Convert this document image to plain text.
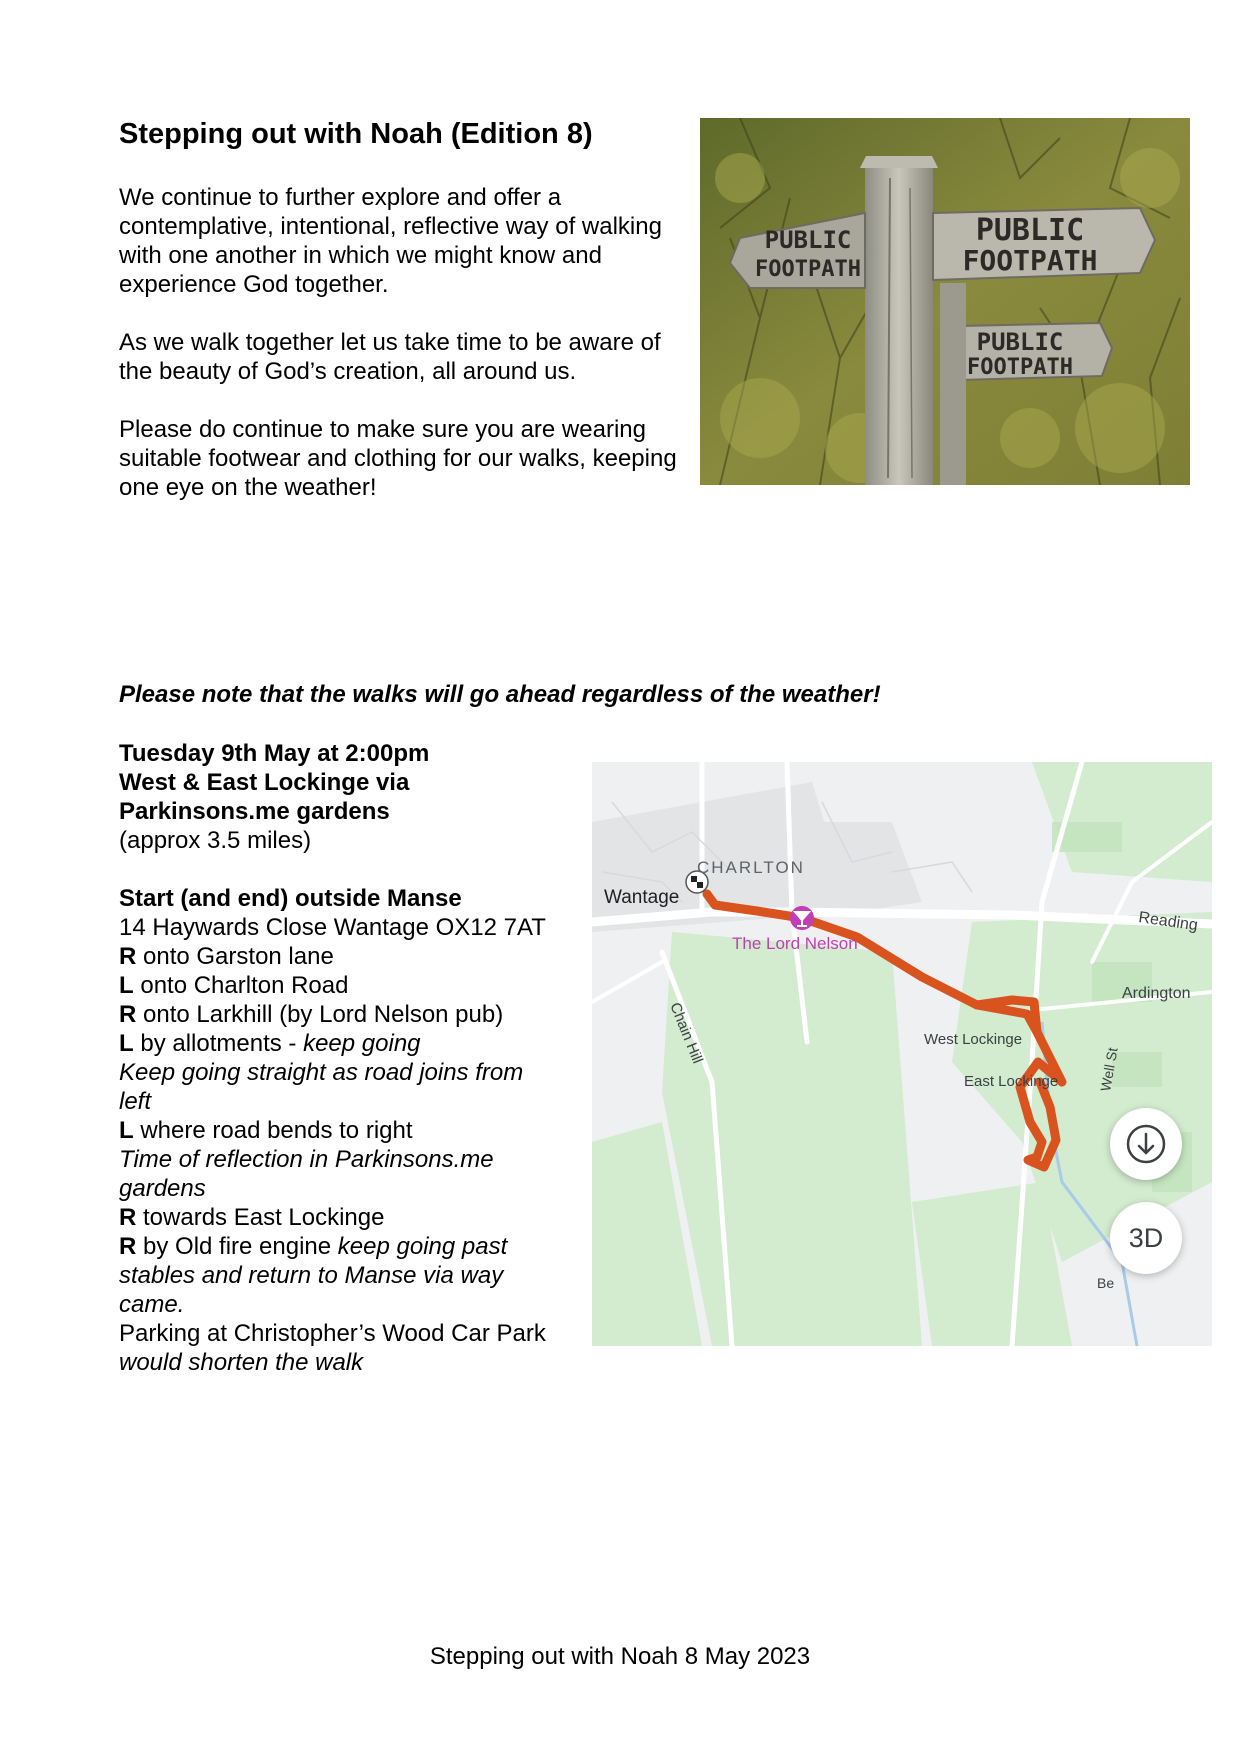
Stepping out with Noah (Edition 8)

We continue to further explore and offer a contemplative, intentional, reflective way of walking with one another in which we might know and experience God together.

As we walk together let us take time to be aware of the beauty of God’s creation, all around us.

Please do continue to make sure you are wearing suitable footwear and clothing for our walks, keeping one eye on the weather!

PUBLIC
FOOTPATH
PUBLIC
FOOTPATH
PUBLIC
FOOTPATH

Please note that the walks will go ahead regardless of the weather!

Tuesday 9th May at 2:00pm
West & East Lockinge via
Parkinsons.me gardens
(approx 3.5 miles)
Start (and end) outside Manse
14 Haywards Close Wantage OX12 7AT
R onto Garston lane
L onto Charlton Road
R onto Larkhill (by Lord Nelson pub)
L by allotments - keep going
Keep going straight as road joins from
left
L where road bends to right
Time of reflection in Parkinsons.me
gardens
R towards East Lockinge
R by Old fire engine keep going past
stables and return to Manse via way
came.
Parking at Christopher’s Wood Car Park
would shorten the walk
CHARLTON
Wantage
The Lord Nelson
Reading
Ardington
Chain Hill	West Lockinge
East Lockinge	Well St
Be
3D

Stepping out with Noah 8 May 2023
